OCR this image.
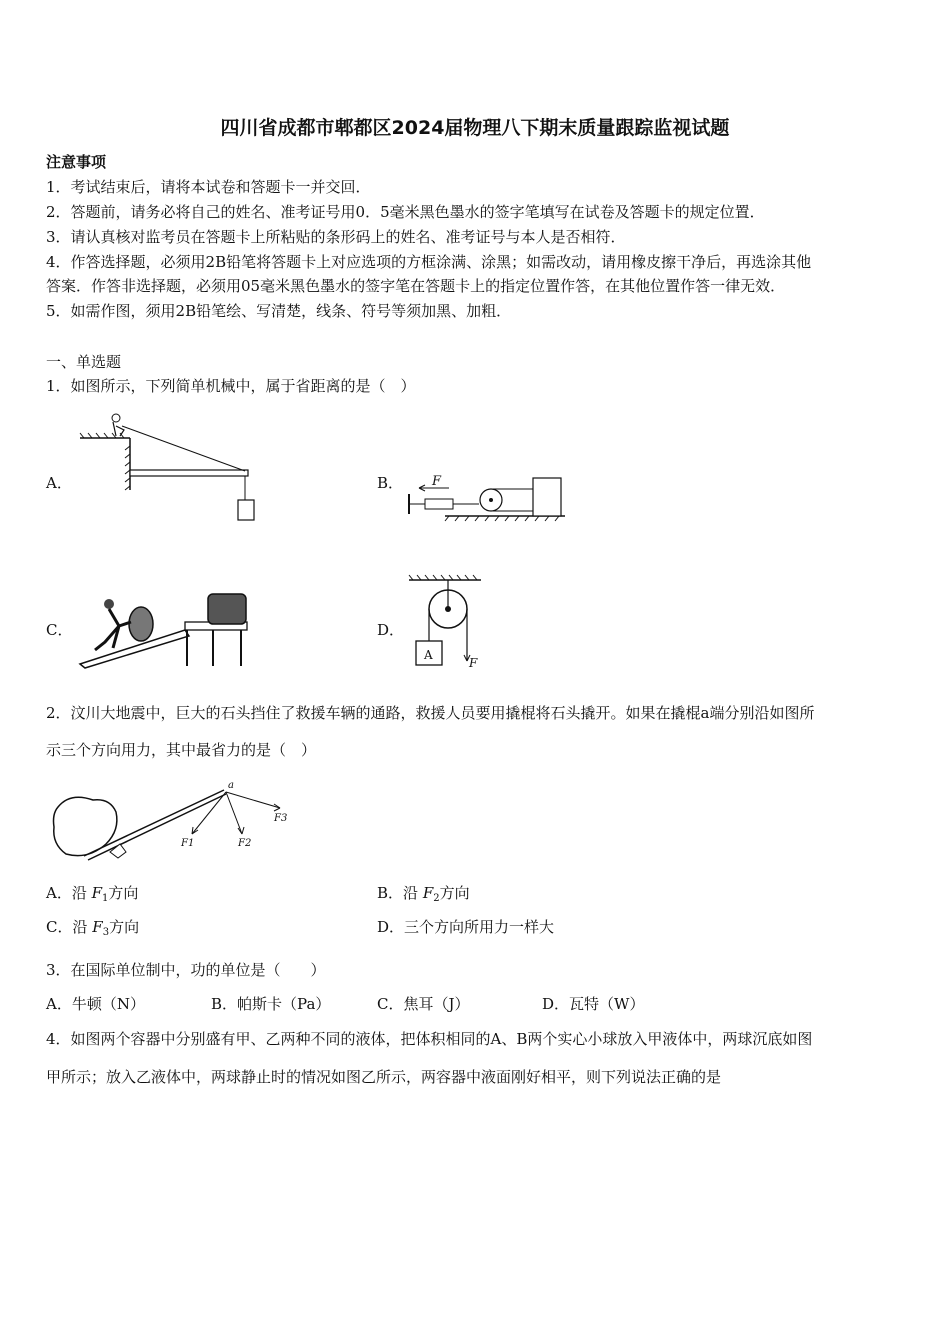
四川省成都市郫都区2024届物理八下期末质量跟踪监视试题
注意事项
1．考试结束后，请将本试卷和答题卡一并交回．
2．答题前，请务必将自己的姓名、准考证号用0．5毫米黑色墨水的签字笔填写在试卷及答题卡的规定位置．
3．请认真核对监考员在答题卡上所粘贴的条形码上的姓名、准考证号与本人是否相符．
4．作答选择题，必须用2B铅笔将答题卡上对应选项的方框涂满、涂黑；如需改动，请用橡皮擦干净后，再选涂其他
答案．作答非选择题，必须用05毫米黑色墨水的签字笔在答题卡上的指定位置作答，在其他位置作答一律无效．
5．如需作图，须用2B铅笔绘、写清楚，线条、符号等须加黑、加粗．
一、单选题
1．如图所示，下列简单机械中，属于省距离的是（　）
A．	B． F
C．	D．
A
F
2．汶川大地震中，巨大的石头挡住了救援车辆的通路，救援人员要用撬棍将石头撬开。如果在撬棍a端分别沿如图所
示三个方向用力，其中最省力的是（　）
a
F1	F2
F3
A．沿 $F_1$方向	B．沿 $F_2$方向
C．沿 $F_3$方向	D．三个方向所用力一样大
3．在国际单位制中，功的单位是（　　）
A．牛顿（N）	B．帕斯卡（Pa）	C．焦耳（J）	D．瓦特（W）
4．如图两个容器中分别盛有甲、乙两种不同的液体，把体积相同的A、B两个实心小球放入甲液体中，两球沉底如图
甲所示；放入乙液体中，两球静止时的情况如图乙所示，两容器中液面刚好相平，则下列说法正确的是
